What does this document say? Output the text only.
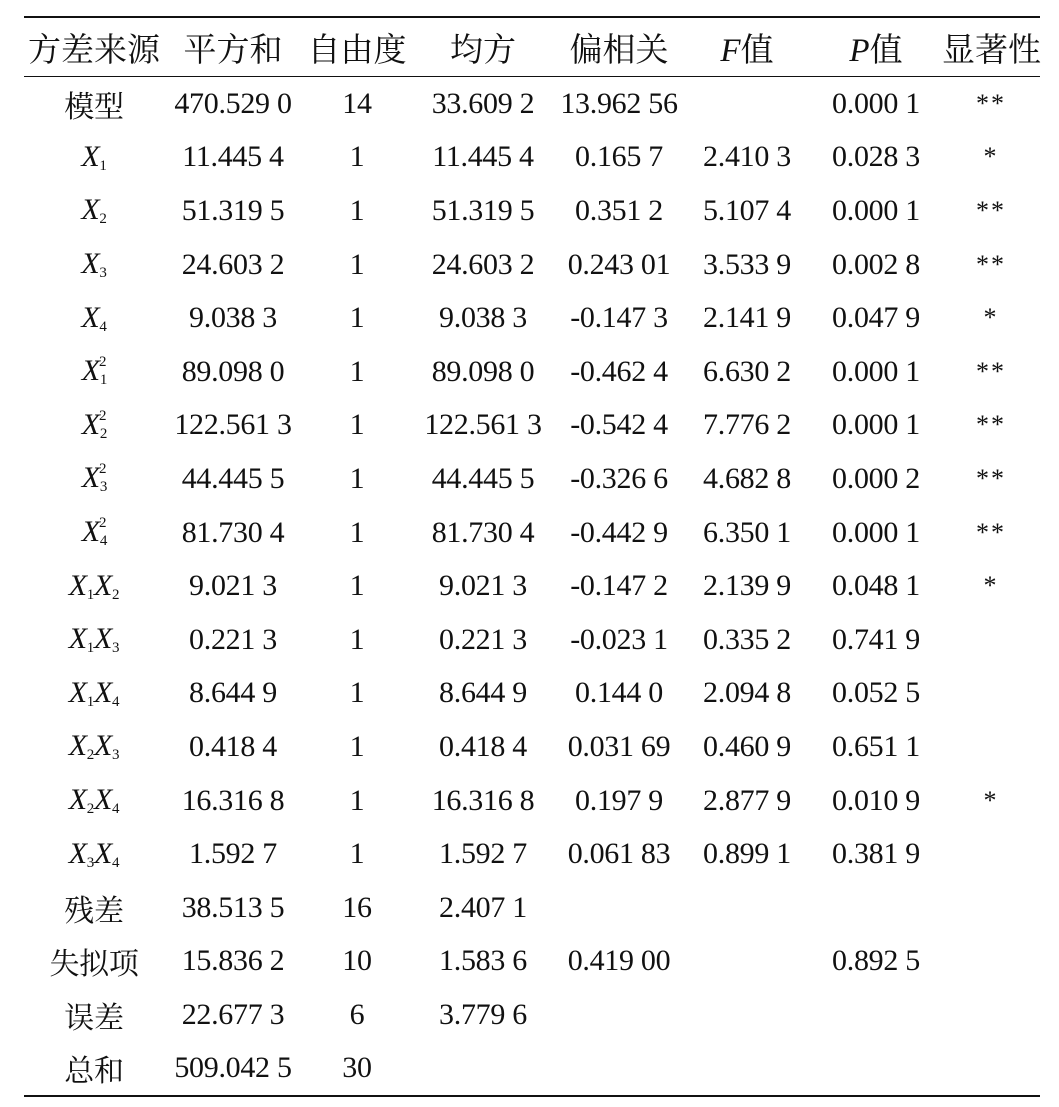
方差来源	平方和	自由度	均方	偏相关	F值	P值	显著性
模型	470.529 0	14	33.609 2	13.962 56		0.000 1	**
$X_1$	11.445 4	1	11.445 4	0.165 7	2.410 3	0.028 3	*
$X_2$	51.319 5	1	51.319 5	0.351 2	5.107 4	0.000 1	**
$X_3$	24.603 2	1	24.603 2	0.243 01	3.533 9	0.002 8	**
$X_4$	9.038 3	1	9.038 3	-0.147 3	2.141 9	0.047 9	*
$X_1^2$	89.098 0	1	89.098 0	-0.462 4	6.630 2	0.000 1	**
$X_2^2$	122.561 3	1	122.561 3	-0.542 4	7.776 2	0.000 1	**
$X_3^2$	44.445 5	1	44.445 5	-0.326 6	4.682 8	0.000 2	**
$X_4^2$	81.730 4	1	81.730 4	-0.442 9	6.350 1	0.000 1	**
$X_1X_2$	9.021 3	1	9.021 3	-0.147 2	2.139 9	0.048 1	*
$X_1X_3$	0.221 3	1	0.221 3	-0.023 1	0.335 2	0.741 9	
$X_1X_4$	8.644 9	1	8.644 9	0.144 0	2.094 8	0.052 5	
$X_2X_3$	0.418 4	1	0.418 4	0.031 69	0.460 9	0.651 1	
$X_2X_4$	16.316 8	1	16.316 8	0.197 9	2.877 9	0.010 9	*
$X_3X_4$	1.592 7	1	1.592 7	0.061 83	0.899 1	0.381 9	
残差	38.513 5	16	2.407 1				
失拟项	15.836 2	10	1.583 6	0.419 00		0.892 5	
误差	22.677 3	6	3.779 6				
总和	509.042 5	30					
